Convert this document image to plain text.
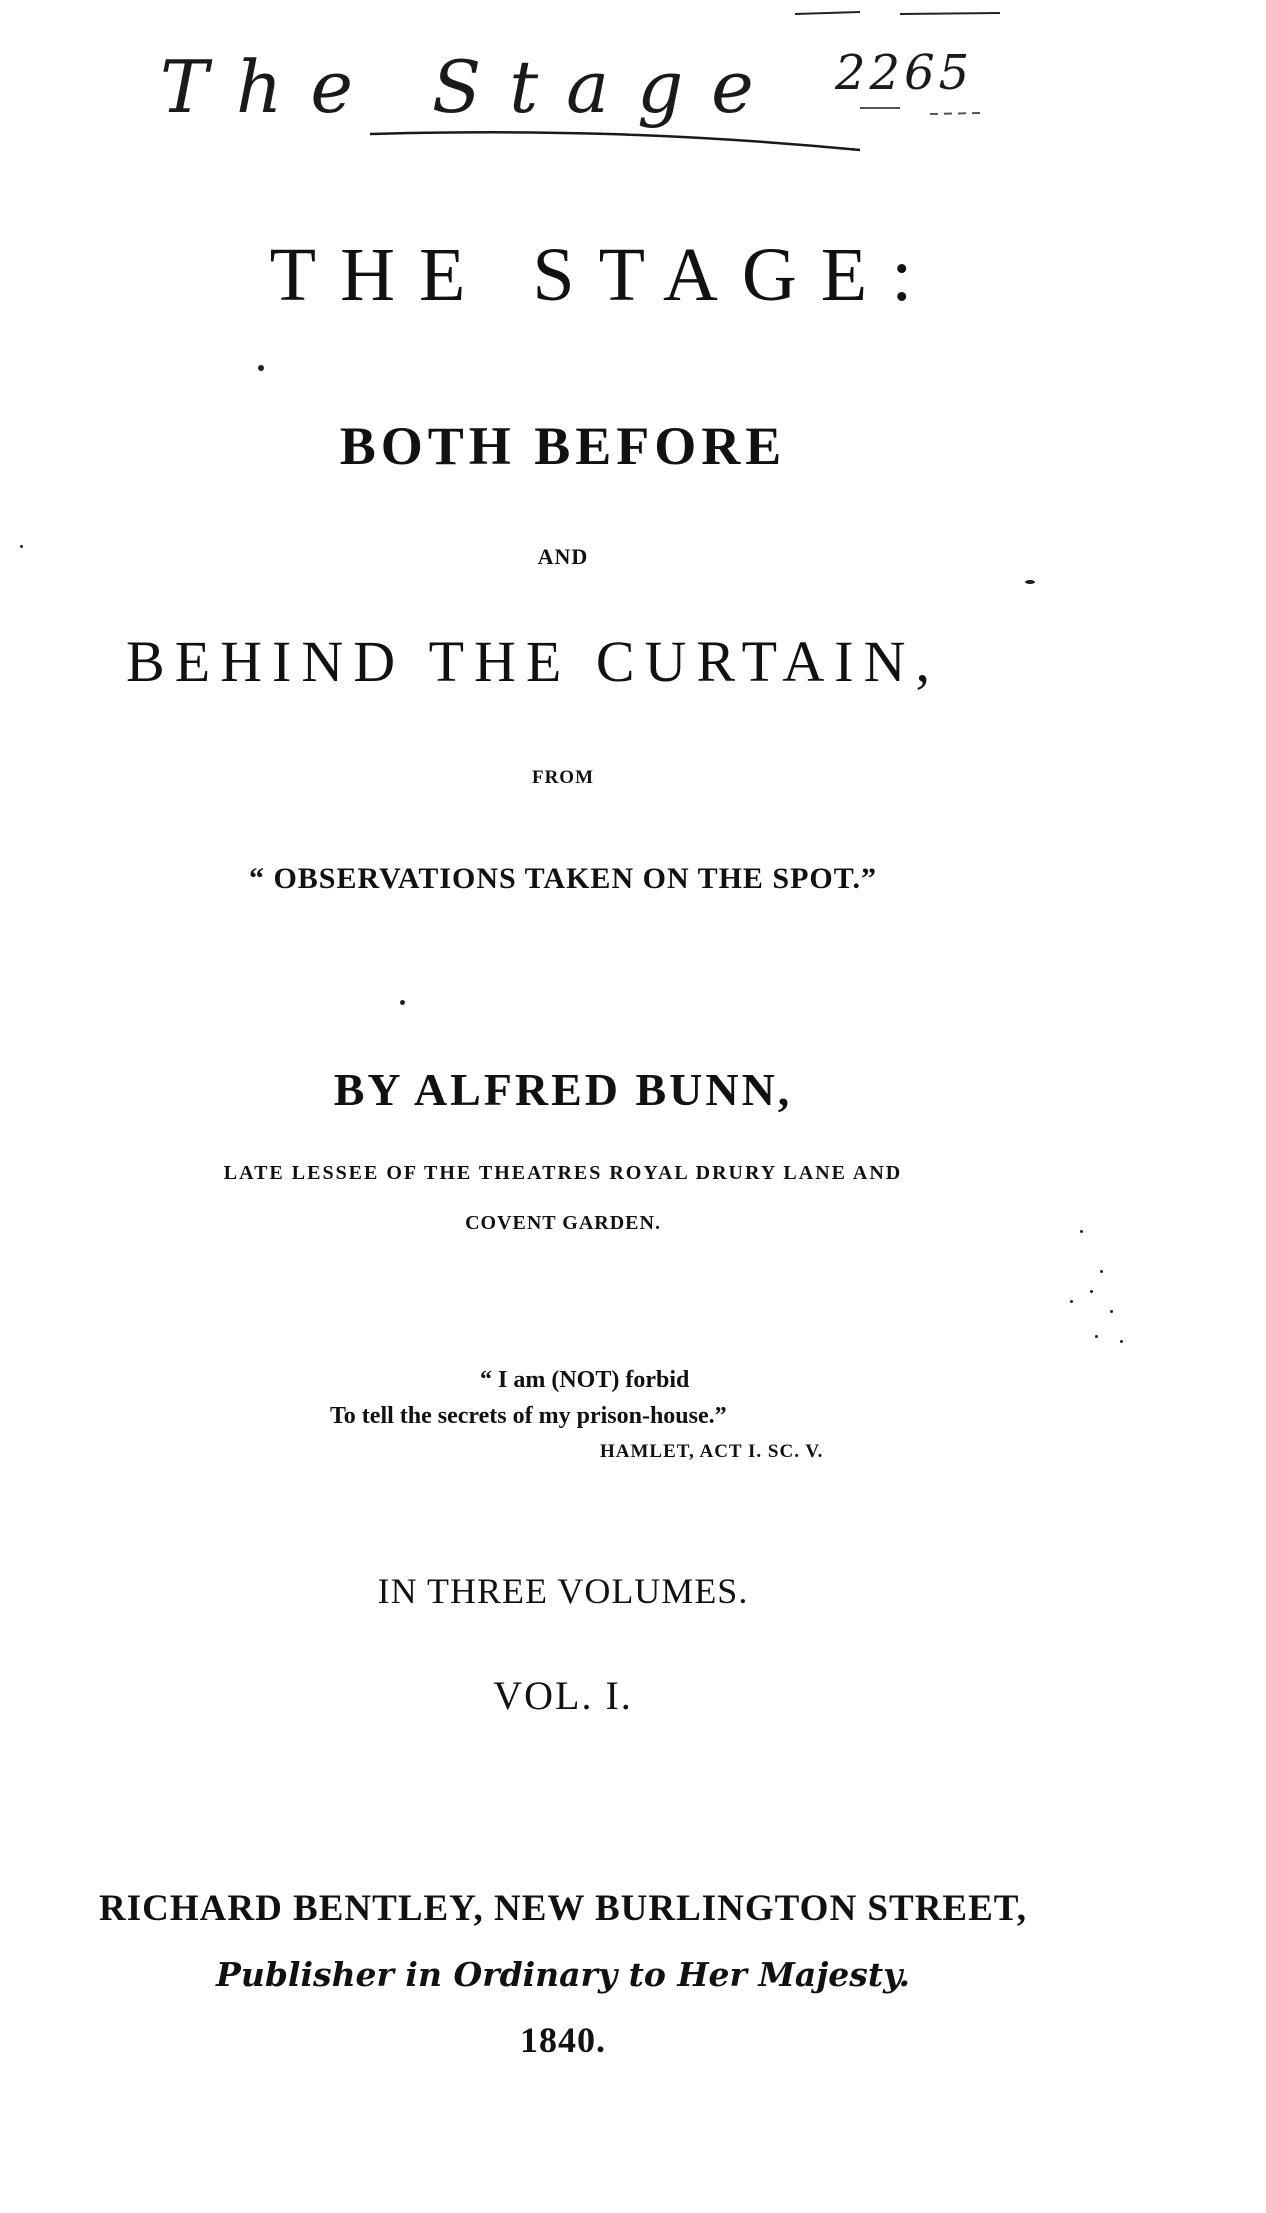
The Stage 2265
THE STAGE:
BOTH BEFORE
AND
BEHIND THE CURTAIN,
FROM
“ OBSERVATIONS TAKEN ON THE SPOT.”
BY ALFRED BUNN,
LATE LESSEE OF THE THEATRES ROYAL DRURY LANE AND
COVENT GARDEN.
“ I am (NOT) forbid
To tell the secrets of my prison-house.”
HAMLET, ACT I. SC. V.
IN THREE VOLUMES.
VOL. I.
RICHARD BENTLEY, NEW BURLINGTON STREET,
Publisher in Ordinary to Her Majesty.
1840.
